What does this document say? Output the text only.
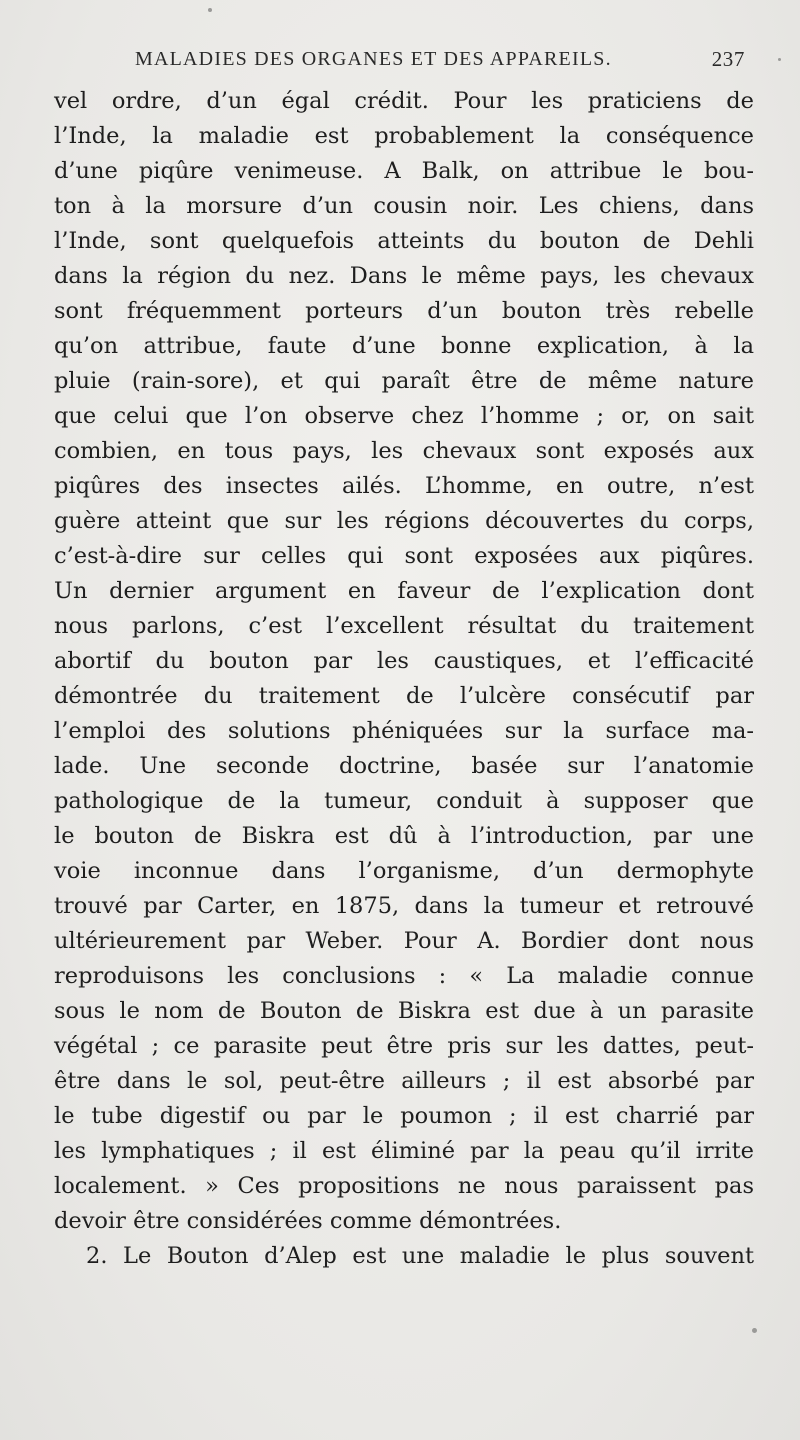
MALADIES DES ORGANES ET DES APPAREILS.	237
vel ordre, d’un égal crédit. Pour les praticiens de
l’Inde, la maladie est probablement la conséquence
d’une piqûre venimeuse. A Balk, on attribue le bou-
ton à la morsure d’un cousin noir. Les chiens, dans
l’Inde, sont quelquefois atteints du bouton de Dehli
dans la région du nez. Dans le même pays, les chevaux
sont fréquemment porteurs d’un bouton très rebelle
qu’on attribue, faute d’une bonne explication, à la
pluie (rain-sore), et qui paraît être de même nature
que celui que l’on observe chez l’homme ; or, on sait
combien, en tous pays, les chevaux sont exposés aux
piqûres des insectes ailés. L’homme, en outre, n’est
guère atteint que sur les régions découvertes du corps,
c’est-à-dire sur celles qui sont exposées aux piqûres.
Un dernier argument en faveur de l’explication dont
nous parlons, c’est l’excellent résultat du traitement
abortif du bouton par les caustiques, et l’efficacité
démontrée du traitement de l’ulcère consécutif par
l’emploi des solutions phéniquées sur la surface ma-
lade. Une seconde doctrine, basée sur l’anatomie
pathologique de la tumeur, conduit à supposer que
le bouton de Biskra est dû à l’introduction, par une
voie inconnue dans l’organisme, d’un dermophyte
trouvé par Carter, en 1875, dans la tumeur et retrouvé
ultérieurement par Weber. Pour A. Bordier dont nous
reproduisons les conclusions : « La maladie connue
sous le nom de Bouton de Biskra est due à un parasite
végétal ; ce parasite peut être pris sur les dattes, peut-
être dans le sol, peut-être ailleurs ; il est absorbé par
le tube digestif ou par le poumon ; il est charrié par
les lymphatiques ; il est éliminé par la peau qu’il irrite
localement. » Ces propositions ne nous paraissent pas
devoir être considérées comme démontrées.
2. Le Bouton d’Alep est une maladie le plus souvent
